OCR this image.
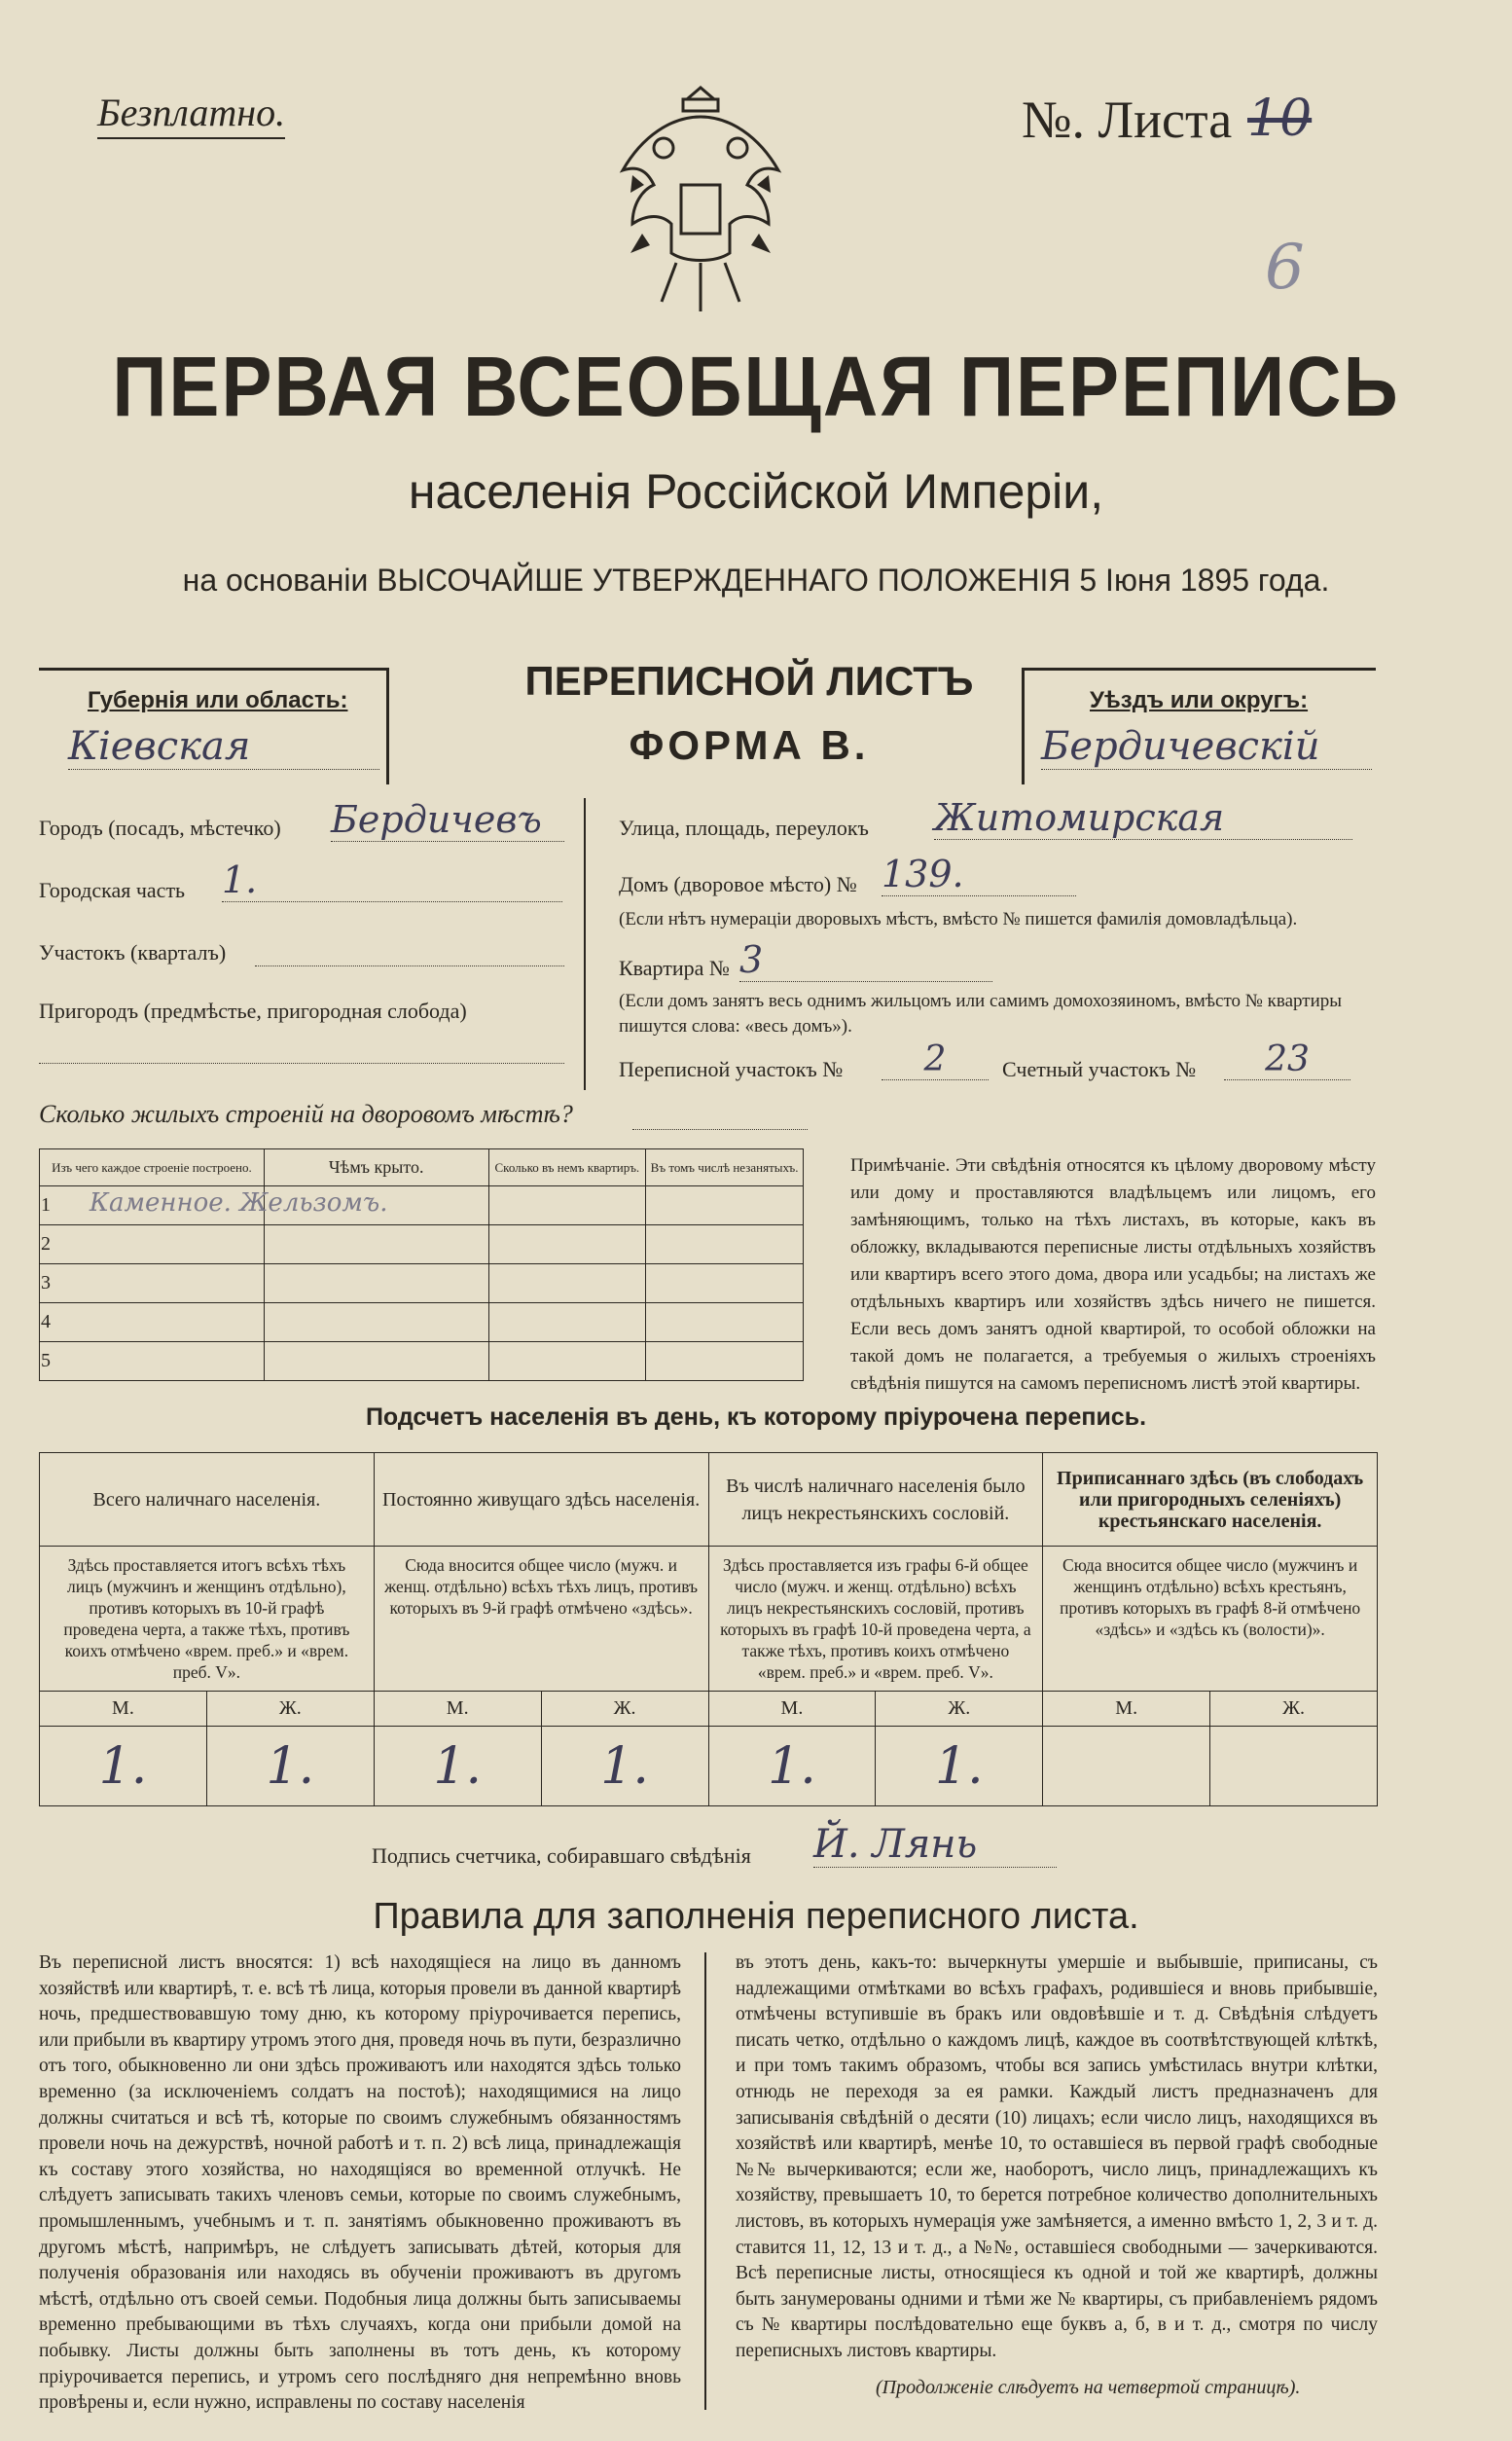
Безплатно.	№. Листа 10
6
ПЕРВАЯ ВСЕОБЩАЯ ПЕРЕПИСЬ
населенія Россійской Имперіи,
на основаніи ВЫСОЧАЙШЕ УТВЕРЖДЕННАГО ПОЛОЖЕНІЯ 5 Іюня 1895 года.
Губернія или область:
Кіевская
ПЕРЕПИСНОЙ ЛИСТЪ
ФОРМА В.
Уѣздъ или округъ:
Бердичевскій
Городъ (посадъ, мѣстечко) Бердичевъ
Городская часть 1.
Участокъ (кварталъ)
Пригородъ (предмѣстье, пригородная слобода)
Улица, площадь, переулокъ Житомирская
Домъ (дворовое мѣсто) № 139.
(Если нѣтъ нумераціи дворовыхъ мѣстъ, вмѣсто № пишется фамилія домовладѣльца).
Квартира № 3
(Если домъ занятъ весь однимъ жильцомъ или самимъ домохозяиномъ, вмѣсто № квартиры пишутся слова: «весь домъ»).
Переписной участокъ №	2	Счетный участокъ №	23
Сколько жилыхъ строеній на дворовомъ мѣстѣ?
Изъ чего каждое строеніе построено.	Чѣмъ крыто.	Сколько въ немъ квартиръ.	Въ томъ числѣ незанятыхъ.
1	Каменное. Жельзомъ.		

2			
3			
4			
5			
Примѣчаніе. Эти свѣдѣнія относятся къ цѣлому дворовому мѣсту или дому и проставляются владѣльцемъ или лицомъ, его замѣняющимъ, только на тѣхъ листахъ, въ которые, какъ въ обложку, вкладываются переписные листы отдѣльныхъ хозяйствъ или квартиръ всего этого дома, двора или усадьбы; на листахъ же отдѣльныхъ квартиръ или хозяйствъ здѣсь ничего не пишется. Если весь домъ занятъ одной квартирой, то особой обложки на такой домъ не полагается, а требуемыя о жилыхъ строеніяхъ свѣдѣнія пишутся на самомъ переписномъ листѣ этой квартиры.
Подсчетъ населенія въ день, къ которому пріурочена перепись.
Всего наличнаго населенія.		Постоянно живущаго здѣсь населенія.		Въ числѣ наличнаго населенія было лицъ некрестьянскихъ сословій.		Приписаннаго здѣсь (въ слободахъ или пригородныхъ селеніяхъ) крестьянскаго населенія.	
Здѣсь проставляется итогъ всѣхъ тѣхъ лицъ (мужчинъ и женщинъ отдѣльно), противъ которыхъ въ 10-й графѣ проведена черта, а также тѣхъ, противъ коихъ отмѣчено «врем. преб.» и «врем. преб. V».		Сюда вносится общее число (мужч. и женщ. отдѣльно) всѣхъ тѣхъ лицъ, противъ которыхъ въ 9-й графѣ отмѣчено «здѣсь».		Здѣсь проставляется изъ графы 6-й общее число (мужч. и женщ. отдѣльно) всѣхъ лицъ некрестьянскихъ сословій, противъ которыхъ въ графѣ 10-й проведена черта, а также тѣхъ, противъ коихъ отмѣчено «врем. преб.» и «врем. преб. V».		Сюда вносится общее число (мужчинъ и женщинъ отдѣльно) всѣхъ крестьянъ, противъ которыхъ въ графѣ 8-й отмѣчено «здѣсь» и «здѣсь къ (волости)».	
М.	Ж.	М.	Ж.	М.	Ж.	М.	Ж.
1.	1.	1.	1.	1.	1.		
Подпись счетчика, собиравшаго свѣдѣнія Й. Лянь
Правила для заполненія переписного листа.
Въ переписной листъ вносятся: 1) всѣ находящіеся на лицо въ данномъ хозяйствѣ или квартирѣ, т. е. всѣ тѣ лица, которыя провели въ данной квартирѣ ночь, предшествовавшую тому дню, къ которому пріурочивается перепись, или прибыли въ квартиру утромъ этого дня, проведя ночь въ пути, безразлично отъ того, обыкновенно ли они здѣсь проживаютъ или находятся здѣсь только временно (за исключеніемъ солдатъ на постоѣ); находящимися на лицо должны считаться и всѣ тѣ, которые по своимъ служебнымъ обязанностямъ провели ночь на дежурствѣ, ночной работѣ и т. п. 2) всѣ лица, принадлежащія къ составу этого хозяйства, но находящіяся во временной отлучкѣ. Не слѣдуетъ записывать такихъ членовъ семьи, которые по своимъ служебнымъ, промышленнымъ, учебнымъ и т. п. занятіямъ обыкновенно проживаютъ въ другомъ мѣстѣ, напримѣръ, не слѣдуетъ записывать дѣтей, которыя для полученія образованія или находясь въ обученіи проживаютъ въ другомъ мѣстѣ, отдѣльно отъ своей семьи. Подобныя лица должны быть записываемы временно пребывающими въ тѣхъ случаяхъ, когда они прибыли домой на побывку. Листы должны быть заполнены въ тотъ день, къ которому пріурочивается перепись, и утромъ сего послѣдняго дня непремѣнно вновь провѣрены и, если нужно, исправлены по составу населенія
въ этотъ день, какъ-то: вычеркнуты умершіе и выбывшіе, приписаны, съ надлежащими отмѣтками во всѣхъ графахъ, родившіеся и вновь прибывшіе, отмѣчены вступившіе въ бракъ или овдовѣвшіе и т. д. Свѣдѣнія слѣдуетъ писать четко, отдѣльно о каждомъ лицѣ, каждое въ соотвѣтствующей клѣткѣ, и при томъ такимъ образомъ, чтобы вся запись умѣстилась внутри клѣтки, отнюдь не переходя за ея рамки. Каждый листъ предназначенъ для записыванія свѣдѣній о десяти (10) лицахъ; если число лицъ, находящихся въ хозяйствѣ или квартирѣ, менѣе 10, то оставшіеся въ первой графѣ свободные №№ вычеркиваются; если же, наоборотъ, число лицъ, принадлежащихъ къ хозяйству, превышаетъ 10, то берется потребное количество дополнительныхъ листовъ, въ которыхъ нумерація уже замѣняется, а именно вмѣсто 1, 2, 3 и т. д. ставится 11, 12, 13 и т. д., а №№, оставшіеся свободными — зачеркиваются. Всѣ переписные листы, относящіеся къ одной и той же квартирѣ, должны быть занумерованы одними и тѣми же № квартиры, съ прибавленіемъ рядомъ съ № квартиры послѣдовательно еще буквъ а, б, в и т. д., смотря по числу переписныхъ листовъ квартиры.
(Продолженіе слѣдуетъ на четвертой страницѣ).
